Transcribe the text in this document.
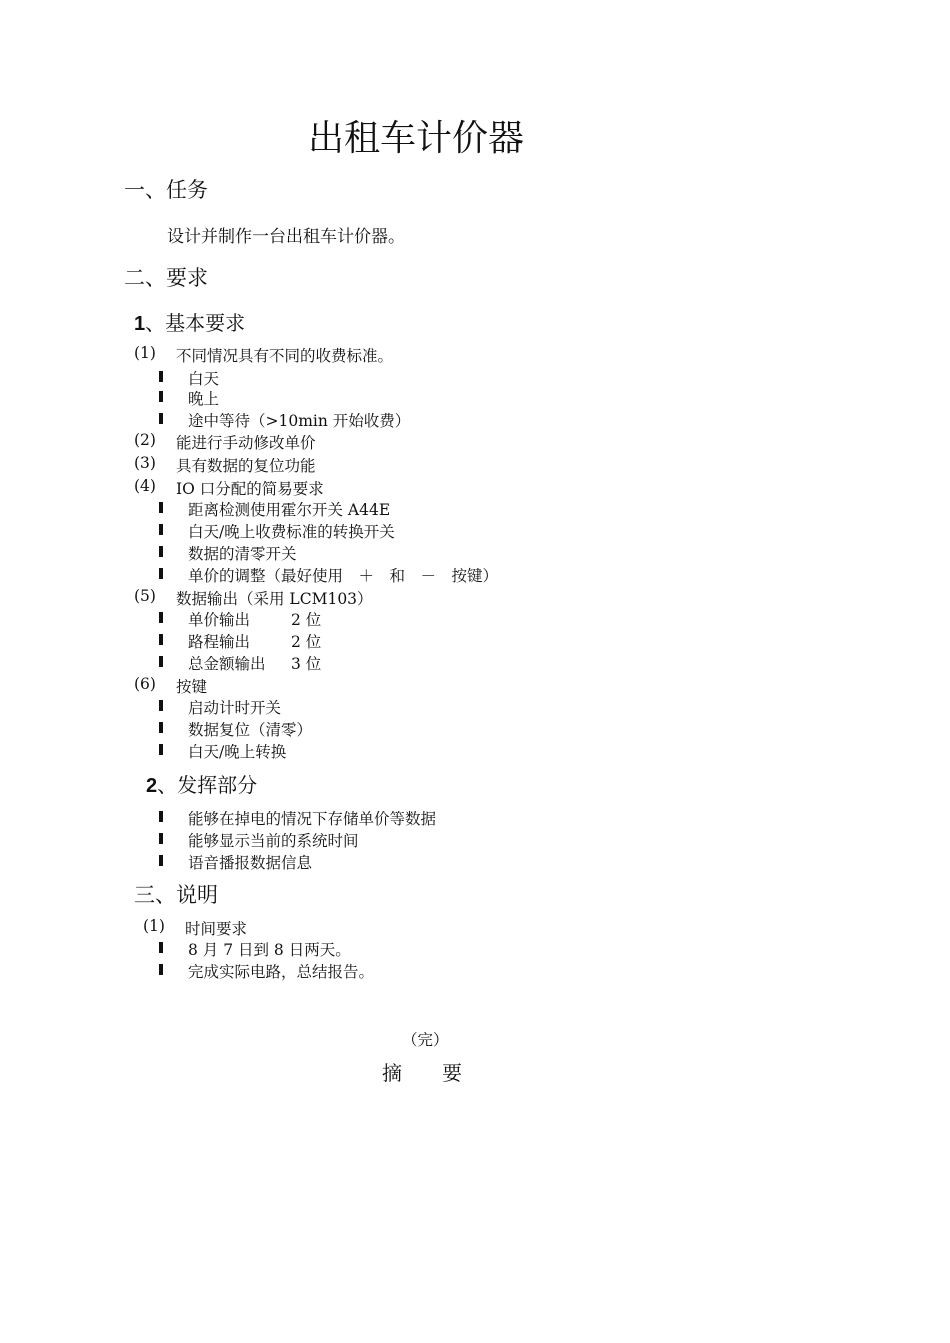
出租车计价器
一、任务
设计并制作一台出租车计价器。
二、要求
1、基本要求
(1) 不同情况具有不同的收费标准。
白天
晚上
途中等待（>10min 开始收费）
(2) 能进行手动修改单价
(3) 具有数据的复位功能
(4) IO 口分配的简易要求
距离检测使用霍尔开关 A44E
白天/晚上收费标准的转换开关
数据的清零开关
单价的调整（最好使用　＋　和　－　按键）
(5) 数据输出（采用 LCM103）
单价输出	2 位
路程输出	2 位
总金额输出 3 位
(6) 按键
启动计时开关
数据复位（清零）
白天/晚上转换
2、发挥部分
能够在掉电的情况下存储单价等数据
能够显示当前的系统时间
语音播报数据信息
三、说明
(1) 时间要求
8 月 7 日到 8 日两天。
完成实际电路，总结报告。
（完）
摘　　要
